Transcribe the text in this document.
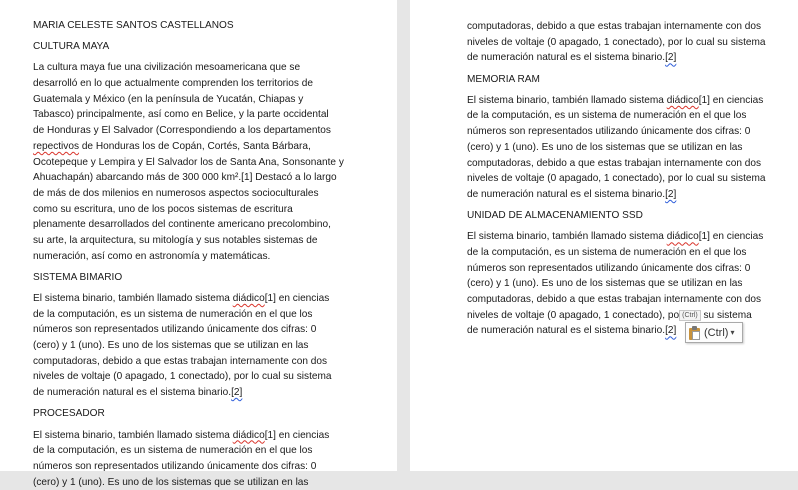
MARIA CELESTE SANTOS CASTELLANOS
CULTURA MAYA
La cultura maya fue una civilización mesoamericana que se
desarrolló en lo que actualmente comprenden los territorios de
Guatemala y México (en la península de Yucatán, Chiapas y
Tabasco) principalmente, así como en Belice, y la parte occidental
de Honduras y El Salvador (Correspondiendo a los departamentos
repectivos de Honduras los de Copán, Cortés, Santa Bárbara,
Ocotepeque y Lempira y El Salvador los de Santa Ana, Sonsonante y
Ahuachapán) abarcando más de 300 000 km².[1] Destacó a lo largo
de más de dos milenios en numerosos aspectos socioculturales
como su escritura, uno de los pocos sistemas de escritura
plenamente desarrollados del continente americano precolombino,
su arte, la arquitectura, su mitología y sus notables sistemas de
numeración, así como en astronomía y matemáticas.
SISTEMA BIMARIO
El sistema binario, también llamado sistema diádico[1] en ciencias
de la computación, es un sistema de numeración en el que los
números son representados utilizando únicamente dos cifras: 0
(cero) y 1 (uno). Es uno de los sistemas que se utilizan en las
computadoras, debido a que estas trabajan internamente con dos
niveles de voltaje (0 apagado, 1 conectado), por lo cual su sistema
de numeración natural es el sistema binario.[2]
PROCESADOR
El sistema binario, también llamado sistema diádico[1] en ciencias
de la computación, es un sistema de numeración en el que los
números son representados utilizando únicamente dos cifras: 0
(cero) y 1 (uno). Es uno de los sistemas que se utilizan en las
computadoras, debido a que estas trabajan internamente con dos
niveles de voltaje (0 apagado, 1 conectado), por lo cual su sistema
de numeración natural es el sistema binario.[2]
MEMORIA RAM
El sistema binario, también llamado sistema diádico[1] en ciencias
de la computación, es un sistema de numeración en el que los
números son representados utilizando únicamente dos cifras: 0
(cero) y 1 (uno). Es uno de los sistemas que se utilizan en las
computadoras, debido a que estas trabajan internamente con dos
niveles de voltaje (0 apagado, 1 conectado), por lo cual su sistema
de numeración natural es el sistema binario.[2]
UNIDAD DE ALMACENAMIENTO SSD
El sistema binario, también llamado sistema diádico[1] en ciencias
de la computación, es un sistema de numeración en el que los
números son representados utilizando únicamente dos cifras: 0
(cero) y 1 (uno). Es uno de los sistemas que se utilizan en las
computadoras, debido a que estas trabajan internamente con dos
niveles de voltaje (0 apagado, 1 conectado), po (Ctrl) su sistema
de numeración natural es el sistema binario.[2]	(Ctrl) ▾
